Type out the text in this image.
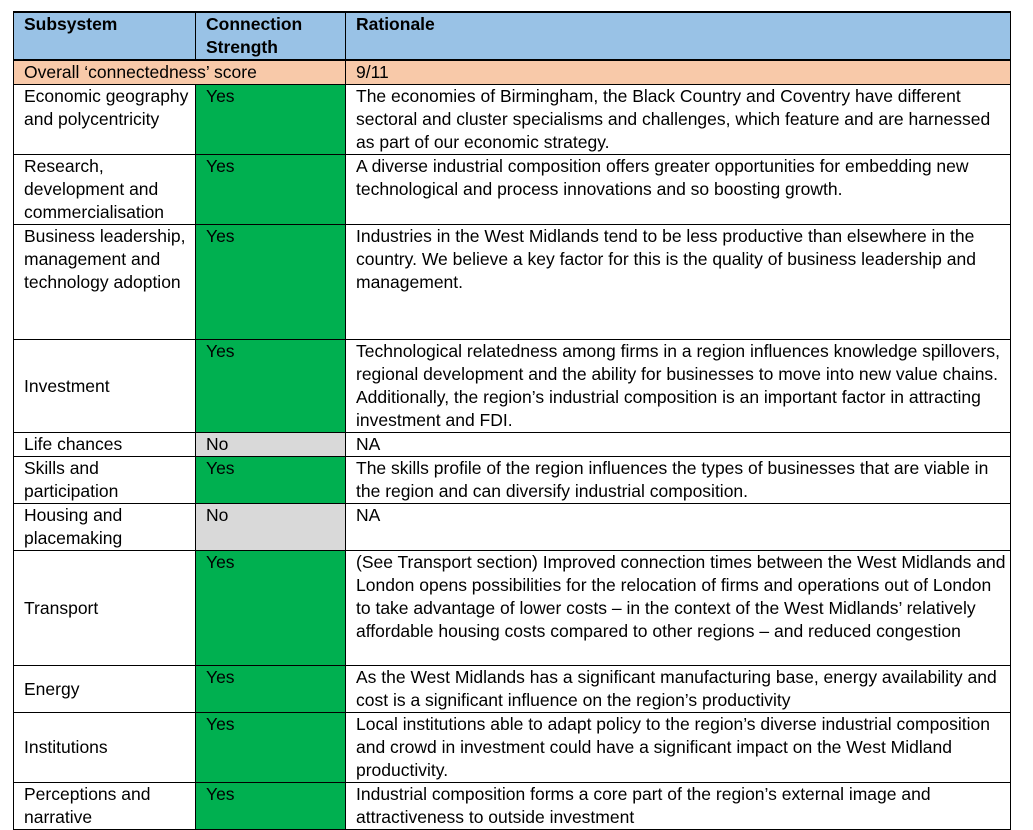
Subsystem	Connection Strength	Rationale
Overall ‘connectedness’ score		9/11
Economic geography and polycentricity	Yes	The economies of Birmingham, the Black Country and Coventry have different sectoral and cluster specialisms and challenges, which feature and are harnessed as part of our economic strategy.
Research, development and commercialisation	Yes	A diverse industrial composition offers greater opportunities for embedding new technological and process innovations and so boosting growth.
Business leadership, management and technology adoption	Yes	Industries in the West Midlands tend to be less productive than elsewhere in the country. We believe a key factor for this is the quality of business leadership and management.
Investment	Yes	Technological relatedness among firms in a region influences knowledge spillovers, regional development and the ability for businesses to move into new value chains. Additionally, the region’s industrial composition is an important factor in attracting investment and FDI.
Life chances	No	NA
Skills and participation	Yes	The skills profile of the region influences the types of businesses that are viable in the region and can diversify industrial composition.
Housing and placemaking	No	NA
Transport	Yes	(See Transport section) Improved connection times between the West Midlands and London opens possibilities for the relocation of firms and operations out of London to take advantage of lower costs – in the context of the West Midlands’ relatively affordable housing costs compared to other regions – and reduced congestion
Energy	Yes	As the West Midlands has a significant manufacturing base, energy availability and cost is a significant influence on the region’s productivity
Institutions	Yes	Local institutions able to adapt policy to the region’s diverse industrial composition and crowd in investment could have a significant impact on the West Midland productivity.
Perceptions and narrative	Yes	Industrial composition forms a core part of the region’s external image and attractiveness to outside investment
